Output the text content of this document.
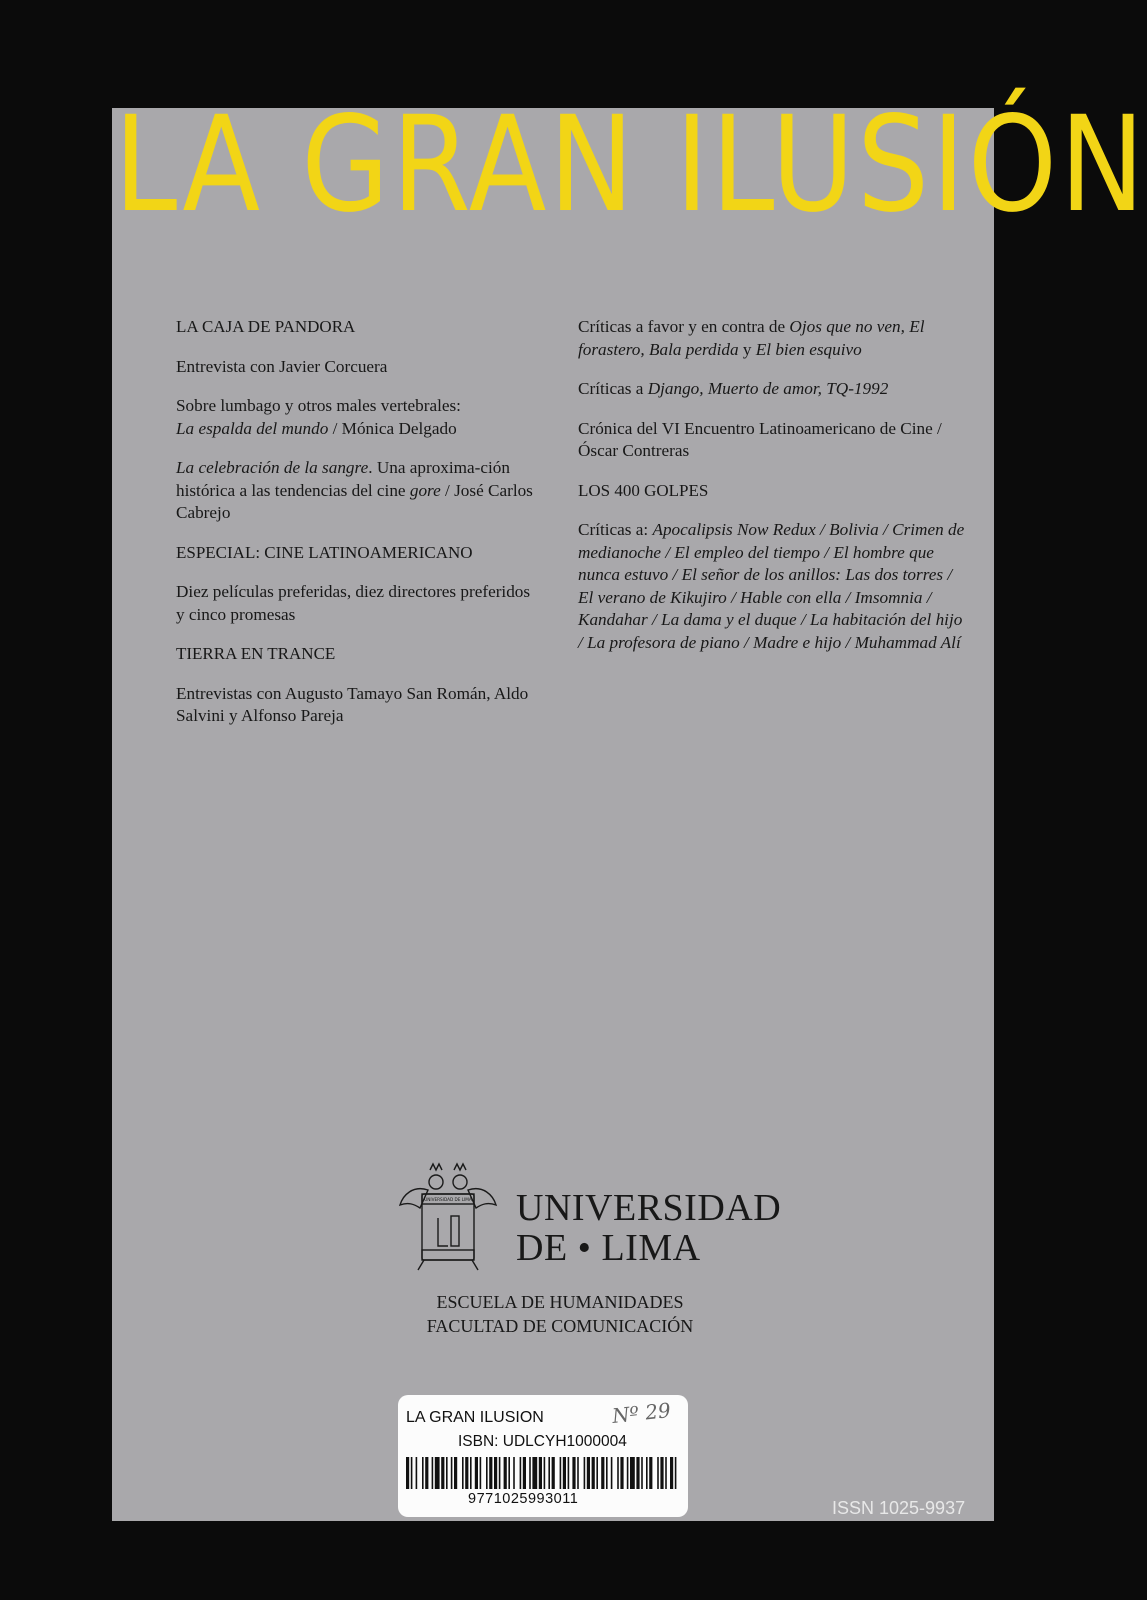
LA GRAN ILUSIÓN
LA CAJA DE PANDORA

Entrevista con Javier Corcuera

Sobre lumbago y otros males vertebrales:
La espalda del mundo / Mónica Delgado

La celebración de la sangre. Una aproxima-ción histórica a las tendencias del cine gore / José Carlos Cabrejo

ESPECIAL: CINE LATINOAMERICANO

Diez películas preferidas, diez directores preferidos y cinco promesas

TIERRA EN TRANCE

Entrevistas con Augusto Tamayo San Román, Aldo Salvini y Alfonso Pareja

Críticas a favor y en contra de Ojos que no ven, El forastero, Bala perdida y El bien esquivo

Críticas a Django, Muerto de amor, TQ-1992

Crónica del VI Encuentro Latinoamericano de Cine / Óscar Contreras

LOS 400 GOLPES

Críticas a: Apocalipsis Now Redux / Bolivia / Crimen de medianoche / El empleo del tiempo / El hombre que nunca estuvo / El señor de los anillos: Las dos torres / El verano de Kikujiro / Hable con ella / Imsomnia / Kandahar / La dama y el duque / La habitación del hijo / La profesora de piano / Madre e hijo / Muhammad Alí

UNIVERSIDAD DE LIMA UNIVERSIDAD
DE • LIMA
ESCUELA DE HUMANIDADES
FACULTAD DE COMUNICACIÓN
LA GRAN ILUSION	Nº 29
ISBN: UDLCYH1000004
9771025993011	ISSN 1025-9937
